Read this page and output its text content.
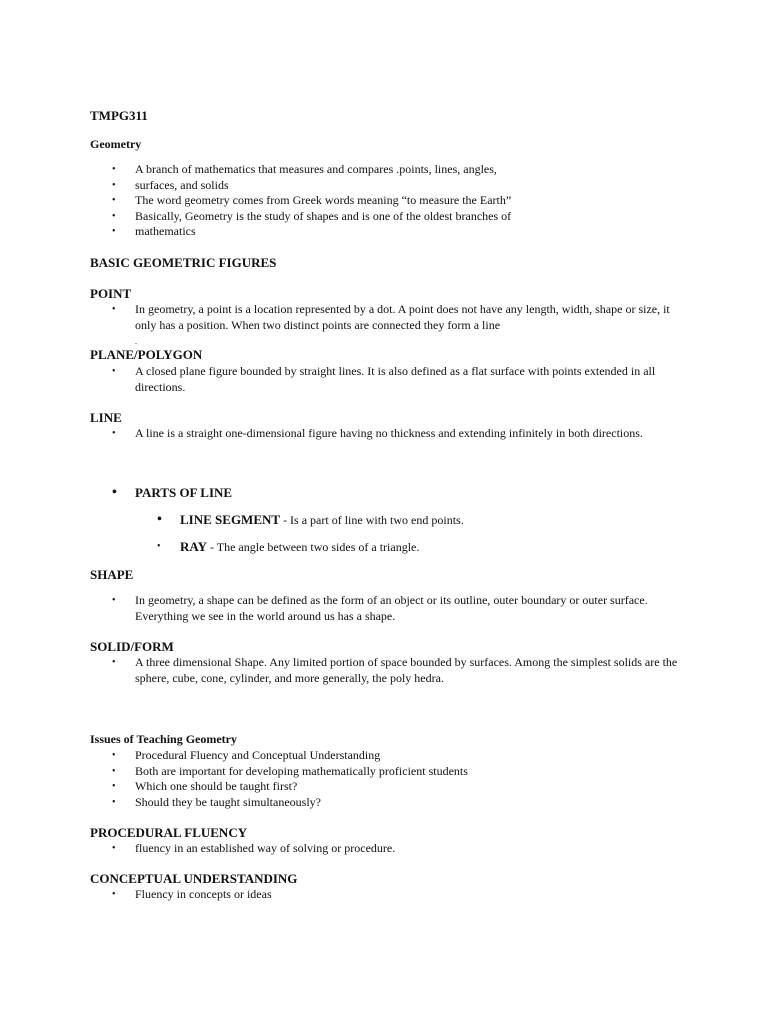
TMPG311
Geometry
• A branch of mathematics that measures and compares .points, lines, angles,
• surfaces, and solids
• The word geometry comes from Greek words meaning “to measure the Earth”
• Basically, Geometry is the study of shapes and is one of the oldest branches of
• mathematics
BASIC GEOMETRIC FIGURES
POINT
• In geometry, a point is a location represented by a dot. A point does not have any length, width, shape or size, it only has a position. When two distinct points are connected they form a line
.
PLANE/POLYGON
• A closed plane figure bounded by straight lines. It is also defined as a flat surface with points extended in all directions.
LINE
• A line is a straight one-dimensional figure having no thickness and extending infinitely in both directions.
• PARTS OF LINE
• LINE SEGMENT - Is a part of line with two end points.
• RAY - The angle between two sides of a triangle.
SHAPE
• In geometry, a shape can be defined as the form of an object or its outline, outer boundary or outer surface. Everything we see in the world around us has a shape.
SOLID/FORM
• A three dimensional Shape. Any limited portion of space bounded by surfaces. Among the simplest solids are the sphere, cube, cone, cylinder, and more generally, the poly hedra.
Issues of Teaching Geometry
• Procedural Fluency and Conceptual Understanding
• Both are important for developing mathematically proficient students
• Which one should be taught first?
• Should they be taught simultaneously?
PROCEDURAL FLUENCY
• fluency in an established way of solving or procedure.
CONCEPTUAL UNDERSTANDING
• Fluency in concepts or ideas
